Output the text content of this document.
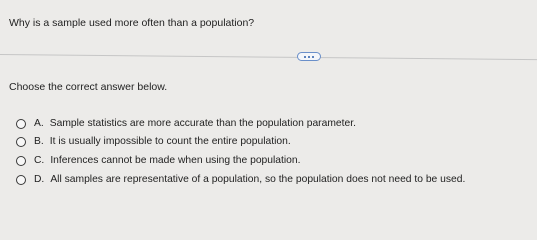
Why is a sample used more often than a population?
Choose the correct answer below.
A. Sample statistics are more accurate than the population parameter.
B. It is usually impossible to count the entire population.
C. Inferences cannot be made when using the population.
D. All samples are representative of a population, so the population does not need to be used.
